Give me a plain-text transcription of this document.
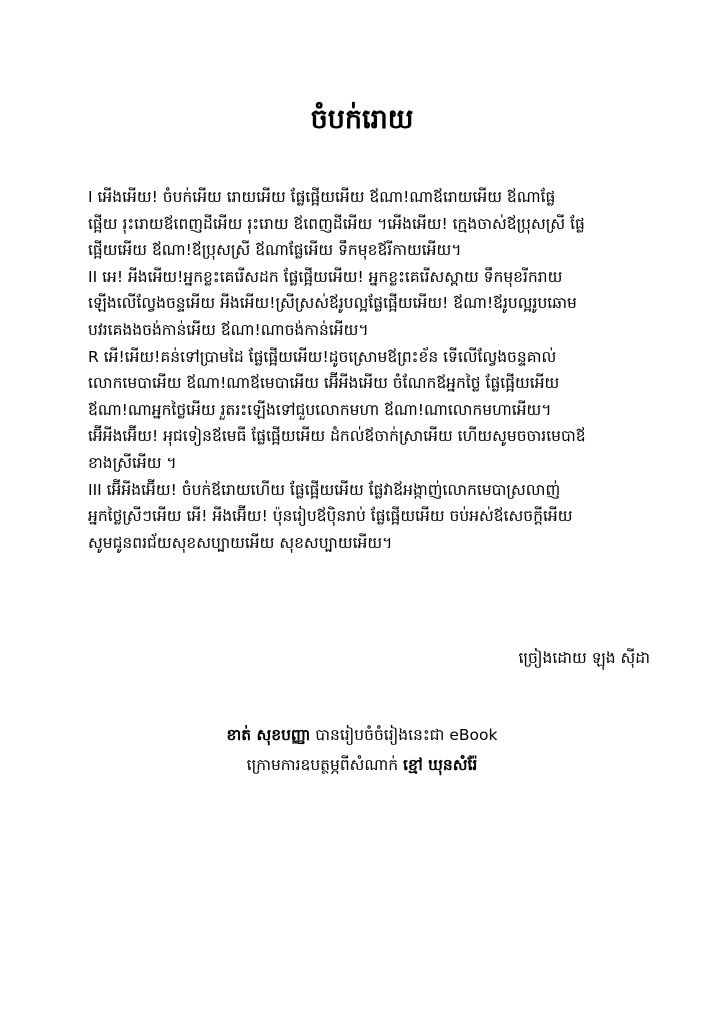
ចំបក់រោយ
I អើងអើយ! ចំបក់អើយ រោយអើយ ផ្លែផ្អើយអើយ ឪណា!ណាឪរោយអើយ ឪណាផ្លែ
ផ្អើយ រុះរោយឪពេញដីអើយ រុះរោយ ឪពេញដីអើយ ។អើងអើយ! ក្មេងចាស់ឪប្រុសស្រី ផ្លែ
ផ្អើយអើយ ឪណា!ឪប្រុសស្រី ឪណាផ្លែអើយ ទឹកមុខឪរីកាយអើយ។
II អេ! អីងអើយ!អ្នកខ្លះគេរើសដក ផ្លែផ្អើយអើយ! អ្នកខ្លះគេរើសស្ពាយ ទឹកមុខរីករាយ
ឡើងលើល្វែងចន្ទអើយ អីងអើយ!ស្រីស្រស់ឪរូបល្អផ្លែផ្អើយអើយ! ឪណា!ឪរូបល្អរូបឆោម
បវរគេងងចង់កាន់អើយ ឪណា!ណាចង់កាន់អើយ។
R អើ!អើយ!គន់ទៅប្រាមដៃ ផ្លែផ្អើយអើយ!ដូចស្រោមឪព្រះខ័ន ទើលើល្វែងចន្ទគាល់
លោកមេបាអើយ ឪណា!ណាឪមេបាអើយ អ៊ើអីងអើយ ចំណែកឪអ្នកថ្លៃ ផ្លែផ្អើយអើយ
ឪណា!ណាអ្នកថ្លៃអើយ រួតរះឡើងទៅជួបលោកមហា ឪណា!ណាលោកមហាអើយ។
អ៊ើអីងអ៊ើយ! អុជទៀនឪមេធី ផ្លែផ្អើយអើយ ដំកល់ឪចាក់ស្រាអើយ ហើយសូមចចារមេបាឪ
ខាងស្រីអើយ ។
III អ៊ើអីងអ៊ើយ! ចំបក់ឪរោយហើយ ផ្លែផ្អើយអើយ ផ្លែវាឪអង្កាញ់លោកមេបាស្រលាញ់
អ្នកថ្លៃស្រីៗអើយ អើ! អីងអ៊ើយ! ប៉ុនរៀបឪប៉ិនរាប់ ផ្លែផ្អើយអើយ ចប់អស់ឪសេចក្ដីអើយ
សូមជូនពរជ័យសុខសប្បាយអើយ សុខសប្បាយអើយ។
ច្រៀងដោយ ឡុង ស៊ីដា
ខាត់ សុខបញ្ញា បានរៀបចំចំរៀងនេះជា eBook
ក្រោមការឧបត្ថម្ភពីសំណាក់ ខ្មៅ ឃុនសំរ៉ែ
